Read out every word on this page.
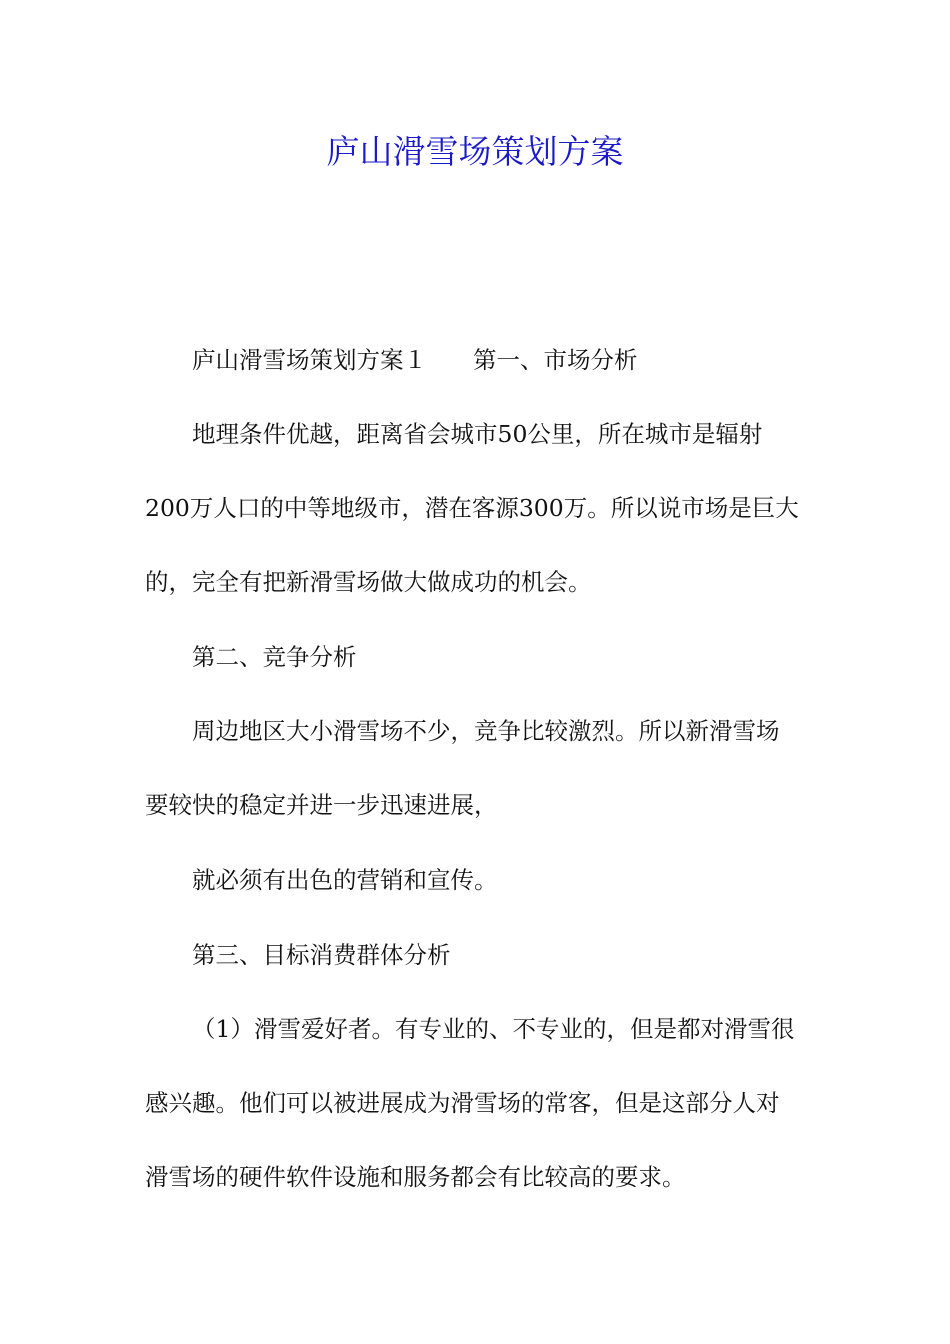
庐山滑雪场策划方案

庐山滑雪场策划方案１ 第一、市场分析

地理条件优越，距离省会城市50公里，所在城市是辐射
200万人口的中等地级市，潜在客源300万。所以说市场是巨大
的，完全有把新滑雪场做大做成功的机会。

第二、竞争分析

周边地区大小滑雪场不少，竞争比较激烈。所以新滑雪场
要较快的稳定并进一步迅速进展，

就必须有出色的营销和宣传。

第三、目标消费群体分析

（1）滑雪爱好者。有专业的、不专业的，但是都对滑雪很
感兴趣。他们可以被进展成为滑雪场的常客，但是这部分人对
滑雪场的硬件软件设施和服务都会有比较高的要求。
